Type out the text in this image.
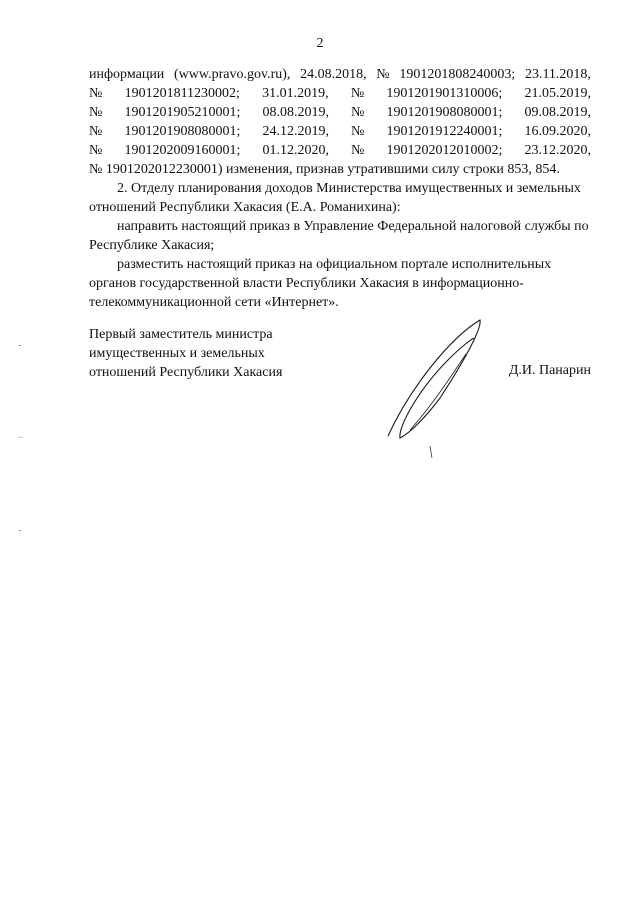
2
информации (www.pravo.gov.ru), 24.08.2018, № 1901201808240003; 23.11.2018,
№ 1901201811230002; 31.01.2019, № 1901201901310006; 21.05.2019,
№ 1901201905210001; 08.08.2019, № 1901201908080001; 09.08.2019,
№ 1901201908080001; 24.12.2019, № 1901201912240001; 16.09.2020,
№ 1901202009160001; 01.12.2020, № 1901202012010002; 23.12.2020,
№ 1901202012230001) изменения, признав утратившими силу строки 853, 854.
2. Отделу планирования доходов Министерства имущественных и земельных
отношений Республики Хакасия (Е.А. Романихина):
направить настоящий приказ в Управление Федеральной налоговой службы по
Республике Хакасия;
разместить настоящий приказ на официальном портале исполнительных
органов государственной власти Республики Хакасия в информационно-
телекоммуникационной сети «Интернет».
Первый заместитель министра
имущественных и земельных
отношений Республики Хакасия	Д.И. Панарин
-
..
-
